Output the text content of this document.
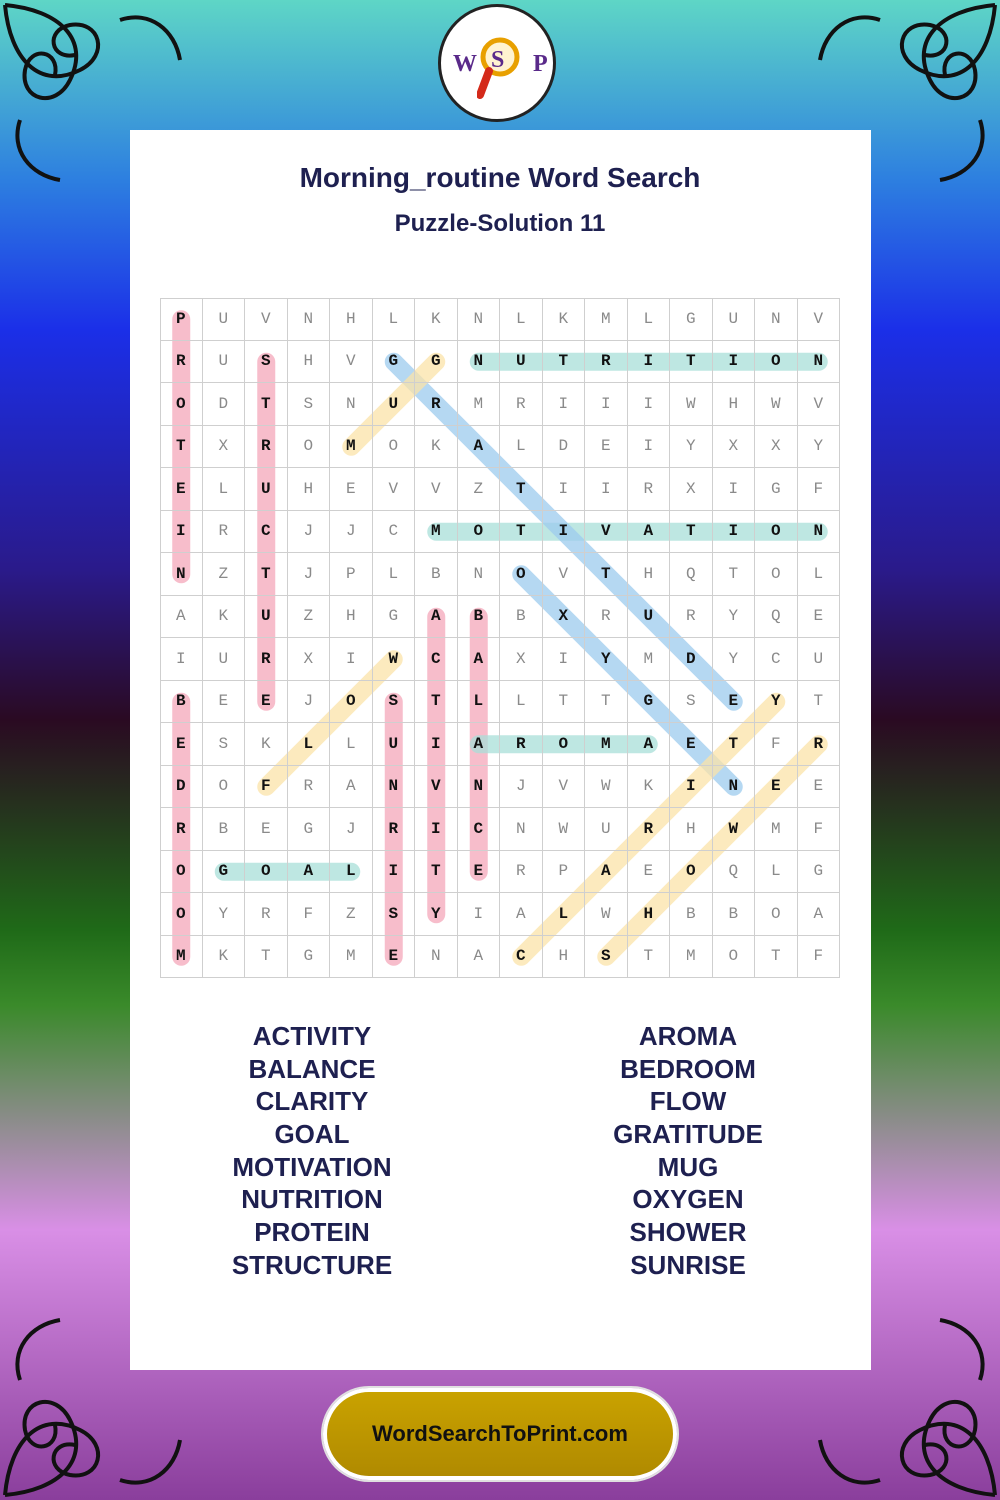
W S P
Morning_routine Word Search
Puzzle-Solution 11
P	U	V	N	H	L	K	N	L	K	M	L	G	U	N	V
R	U	S	H	V	G	G	N	U	T	R	I	T	I	O	N
O	D	T	S	N	U	R	M	R	I	I	I	W	H	W	V
T	X	R	O	M	O	K	A	L	D	E	I	Y	X	X	Y
E	L	U	H	E	V	V	Z	T	I	I	R	X	I	G	F
I	R	C	J	J	C	M	O	T	I	V	A	T	I	O	N
N	Z	T	J	P	L	B	N	O	V	T	H	Q	T	O	L
A	K	U	Z	H	G	A	B	B	X	R	U	R	Y	Q	E
I	U	R	X	I	W	C	A	X	I	Y	M	D	Y	C	U
B	E	E	J	O	S	T	L	L	T	T	G	S	E	Y	T
E	S	K	L	L	U	I	A	R	O	M	A	E	T	F	R
D	O	F	R	A	N	V	N	J	V	W	K	I	N	E	E
R	B	E	G	J	R	I	C	N	W	U	R	H	W	M	F
O	G	O	A	L	I	T	E	R	P	A	E	O	Q	L	G
O	Y	R	F	Z	S	Y	I	A	L	W	H	B	B	O	A
M	K	T	G	M	E	N	A	C	H	S	T	M	O	T	F
ACTIVITY
BALANCE
CLARITY
GOAL
MOTIVATION
NUTRITION
PROTEIN
STRUCTURE
AROMA
BEDROOM
FLOW
GRATITUDE
MUG
OXYGEN
SHOWER
SUNRISE
WordSearchToPrint.com
